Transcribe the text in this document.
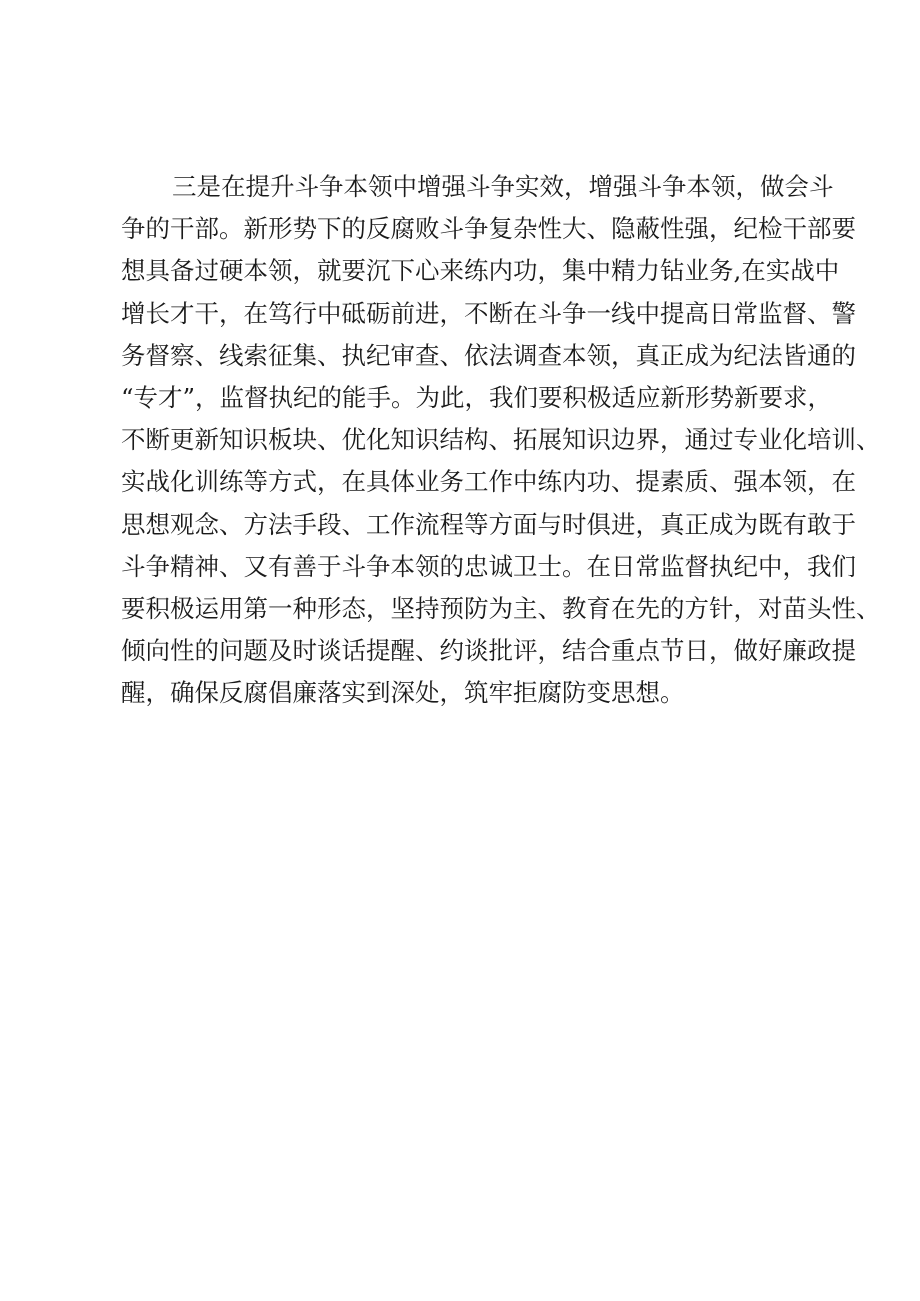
三是在提升斗争本领中增强斗争实效，增强斗争本领，做会斗
争的干部。新形势下的反腐败斗争复杂性大、隐蔽性强，纪检干部要
想具备过硬本领，就要沉下心来练内功，集中精力钻业务,在实战中
增长才干，在笃行中砥砺前进，不断在斗争一线中提高日常监督、警
务督察、线索征集、执纪审查、依法调查本领，真正成为纪法皆通的
“专才”，监督执纪的能手。为此，我们要积极适应新形势新要求，
不断更新知识板块、优化知识结构、拓展知识边界，通过专业化培训、
实战化训练等方式，在具体业务工作中练内功、提素质、强本领，在
思想观念、方法手段、工作流程等方面与时俱进，真正成为既有敢于
斗争精神、又有善于斗争本领的忠诚卫士。在日常监督执纪中，我们
要积极运用第一种形态，坚持预防为主、教育在先的方针，对苗头性、
倾向性的问题及时谈话提醒、约谈批评，结合重点节日，做好廉政提
醒，确保反腐倡廉落实到深处，筑牢拒腐防变思想。
